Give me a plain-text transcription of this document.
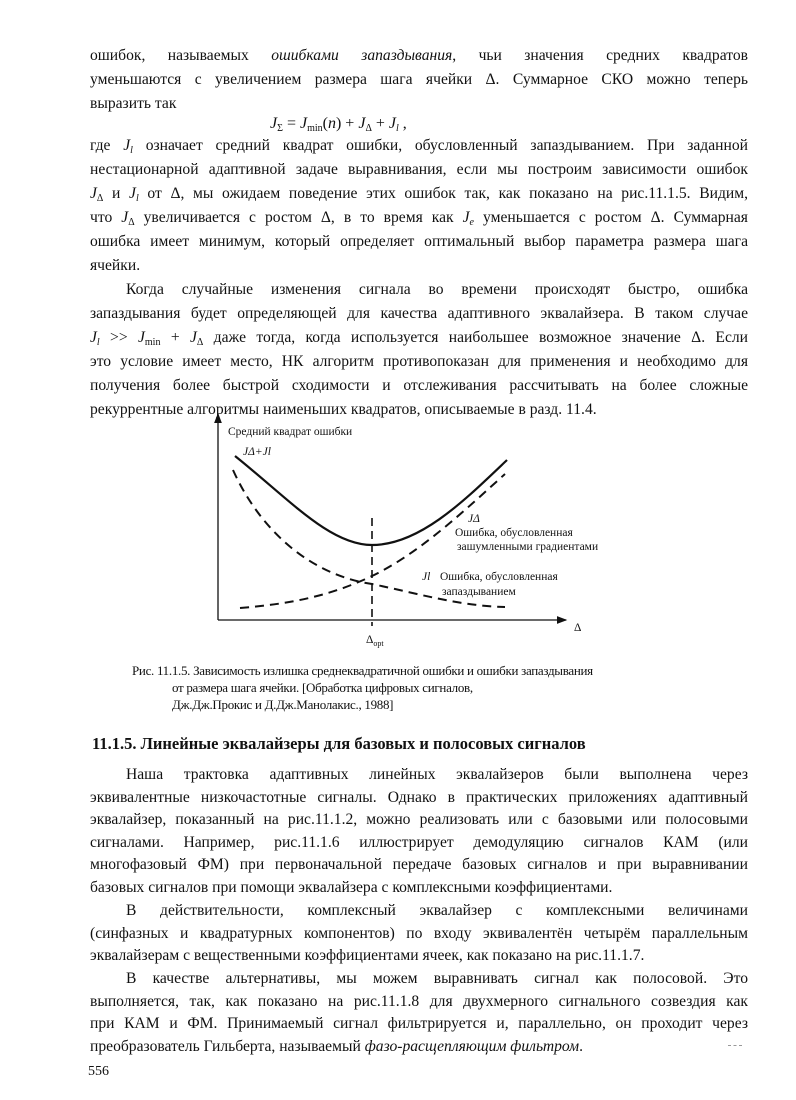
ошибок, называемых ошибками запаздывания, чьи значения средних квадратов
уменьшаются с увеличением размера шага ячейки Δ. Суммарное СКО можно теперь
выразить так
$J_\Sigma = J_{min}(n) + J_\Delta + J_l$ ,
где $J_l$ означает средний квадрат ошибки, обусловленный запаздыванием. При заданной
нестационарной адаптивной задаче выравнивания, если мы построим зависимости ошибок
$J_\Delta$ и $J_l$ от Δ, мы ожидаем поведение этих ошибок так, как показано на рис.11.1.5. Видим,
что $J_\Delta$ увеличивается с ростом Δ, в то время как $J_e$ уменьшается с ростом Δ. Суммарная
ошибка имеет минимум, который определяет оптимальный выбор параметра размера шага
ячейки.
Когда случайные изменения сигнала во времени происходят быстро, ошибка
запаздывания будет определяющей для качества адаптивного эквалайзера. В таком случае
$J_l >> J_{min} + J_\Delta$ даже тогда, когда используется наибольшее возможное значение Δ. Если
это условие имеет место, НК алгоритм противопоказан для применения и необходимо для
получения более быстрой сходимости и отслеживания рассчитывать на более сложные
рекуррентные алгоритмы наименьших квадратов, описываемые в разд. 11.4.
Средний квадрат ошибки
JΔ+Jl
JΔ
Ошибка, обусловленная
зашумленными градиентами
Jl Ошибка, обусловленная
запаздыванием
Δ
$\Delta_{opt}$
Рис. 11.1.5. Зависимость излишка среднеквадратичной ошибки и ошибки запаздывания
от размера шага ячейки. [Обработка цифровых сигналов,
Дж.Дж.Прокис и Д.Дж.Манолакис., 1988]
11.1.5. Линейные эквалайзеры для базовых и полосовых сигналов
Наша трактовка адаптивных линейных эквалайзеров были выполнена через
эквивалентные низкочастотные сигналы. Однако в практических приложениях адаптивный
эквалайзер, показанный на рис.11.1.2, можно реализовать или с базовыми или полосовыми
сигналами. Например, рис.11.1.6 иллюстрирует демодуляцию сигналов КАМ (или
многофазовый ФМ) при первоначальной передаче базовых сигналов и при выравнивании
базовых сигналов при помощи эквалайзера с комплексными коэффициентами.
В действительности, комплексный эквалайзер с комплексными величинами
(синфазных и квадратурных компонентов) по входу эквивалентён четырём параллельным
эквалайзерам с вещественными коэффициентами ячеек, как показано на рис.11.1.7.
В качестве альтернативы, мы можем выравнивать сигнал как полосовой. Это
выполняется, так, как показано на рис.11.1.8 для двухмерного сигнального созвездия как
при КАМ и ФМ. Принимаемый сигнал фильтрируется и, параллельно, он проходит через
преобразователь Гильберта, называемый фазо-расщепляющим фильтром.
556
